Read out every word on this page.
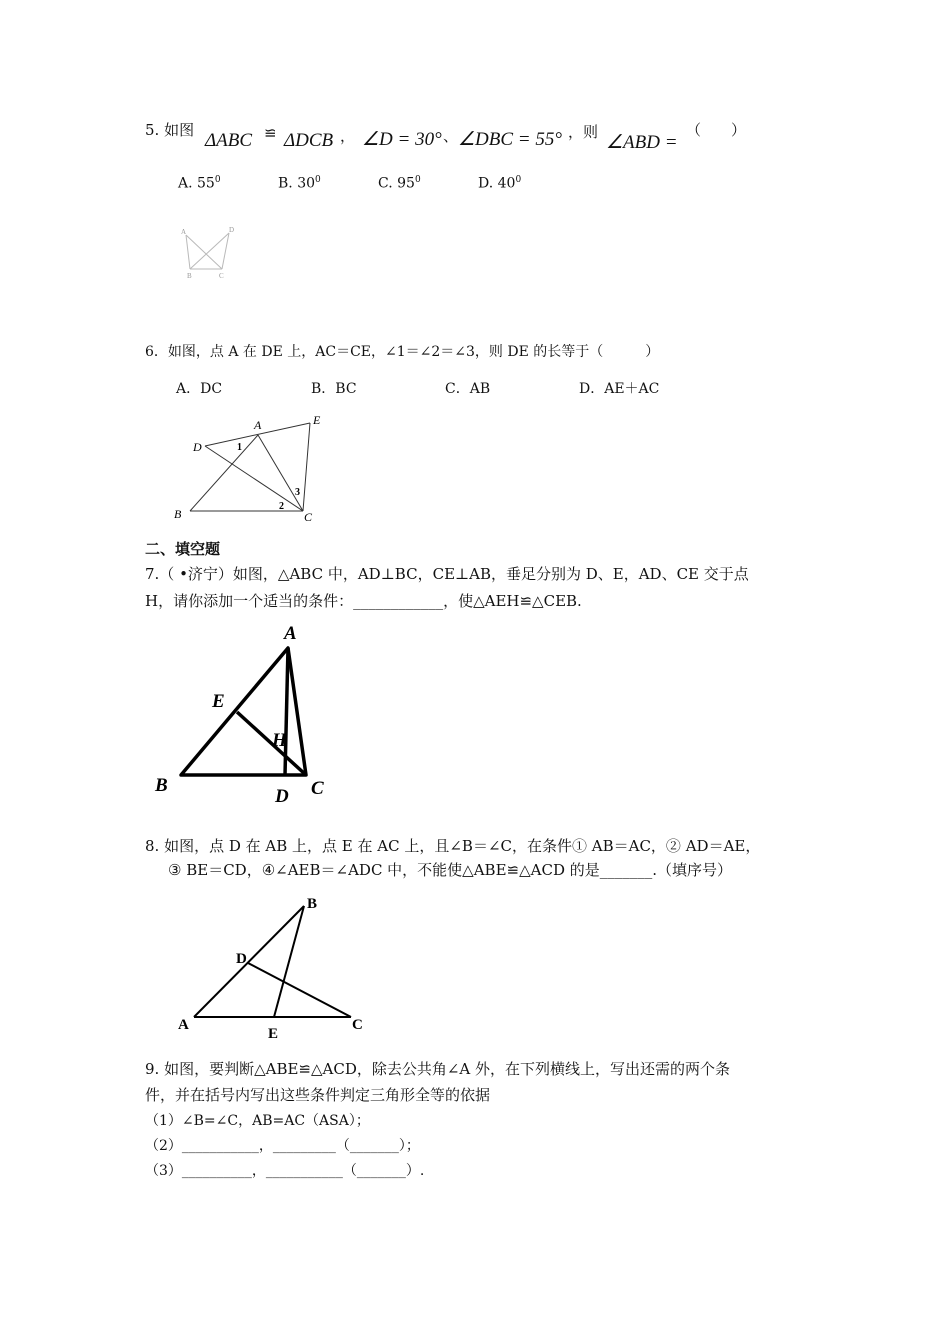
5. 如图 ΔABC ≌ ΔDCB ， ∠D = 30° 、 ∠DBC = 55° ，则 ∠ABD =
（　　）
A. $55^0$	B. $30^0$	C. $95^0$	D. $40^0$
A	D
B	C
6．如图，点 A 在 DE 上，AC＝CE，∠1＝∠2＝∠3，则 DE 的长等于（　　　）
A．DC	B．BC	C．AB	D．AE＋AC
D
A	E
B	C
1
2
3
二、填空题
7.（ •济宁）如图，△ABC 中，AD⊥BC，CE⊥AB，垂足分别为 D、E，AD、CE 交于点
H，请你添加一个适当的条件：____________，使△AEH≌△CEB.
A
E
H
B
D C
8. 如图，点 D 在 AB 上，点 E 在 AC 上，且∠B＝∠C，在条件① AB＝AC，② AD＝AE，
③ BE＝CD，④∠AEB＝∠ADC 中，不能使△ABE≌△ACD 的是_______.（填序号）
B
D
A
E
C
9. 如图，要判断△ABE≌△ACD，除去公共角∠A 外，在下列横线上，写出还需的两个条
件，并在括号内写出这些条件判定三角形全等的依据
（1）∠B=∠C，AB=AC（ASA）；
（2）___________，_________（_______）；
（3）__________，___________（_______）.
